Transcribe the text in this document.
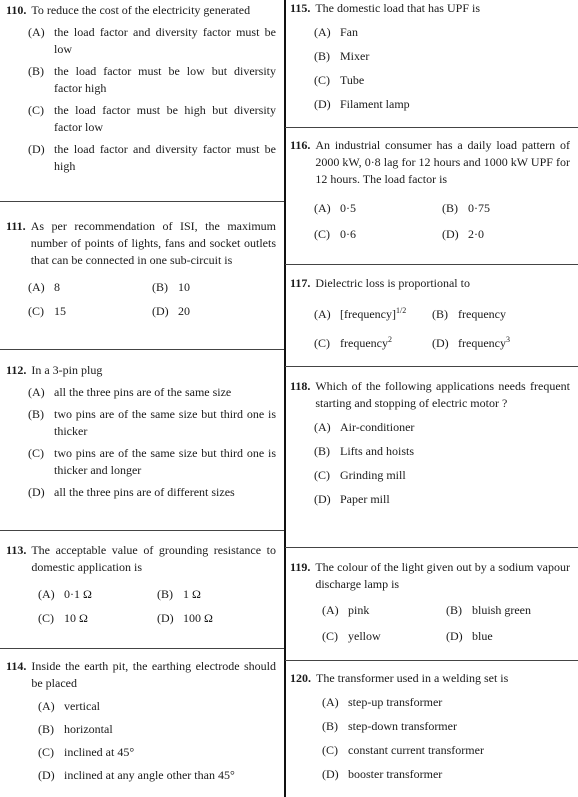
110. To reduce the cost of the electricity generated
(A) the load factor and diversity factor must be low
(B) the load factor must be low but diversity factor high
(C) the load factor must be high but diversity factor low
(D) the load factor and diversity factor must be high
111. As per recommendation of ISI, the maximum number of points of lights, fans and socket outlets that can be connected in one sub-circuit is
(A) 8	(B) 10
(C) 15	(D) 20
112. In a 3-pin plug
(A) all the three pins are of the same size
(B) two pins are of the same size but third one is thicker
(C) two pins are of the same size but third one is thicker and longer
(D) all the three pins are of different sizes
113. The acceptable value of grounding resistance to domestic application is
(A) 0·1 Ω	(B) 1 Ω
(C) 10 Ω	(D) 100 Ω
114. Inside the earth pit, the earthing electrode should be placed
(A) vertical
(B) horizontal
(C) inclined at 45°
(D) inclined at any angle other than 45°
115. The domestic load that has UPF is
(A) Fan
(B) Mixer
(C) Tube
(D) Filament lamp
116. An industrial consumer has a daily load pattern of 2000 kW, 0·8 lag for 12 hours and 1000 kW UPF for 12 hours. The load factor is
(A) 0·5	(B) 0·75
(C) 0·6	(D) 2·0
117. Dielectric loss is proportional to
(A) [frequency]$^{1/2}$ (B) frequency
(C) frequency$^2$	(D) frequency$^3$
118. Which of the following applications needs frequent starting and stopping of electric motor ?
(A) Air-conditioner
(B) Lifts and hoists
(C) Grinding mill
(D) Paper mill
119. The colour of the light given out by a sodium vapour discharge lamp is
(A) pink	(B) bluish green
(C) yellow	(D) blue
120. The transformer used in a welding set is
(A) step-up transformer
(B) step-down transformer
(C) constant current transformer
(D) booster transformer
